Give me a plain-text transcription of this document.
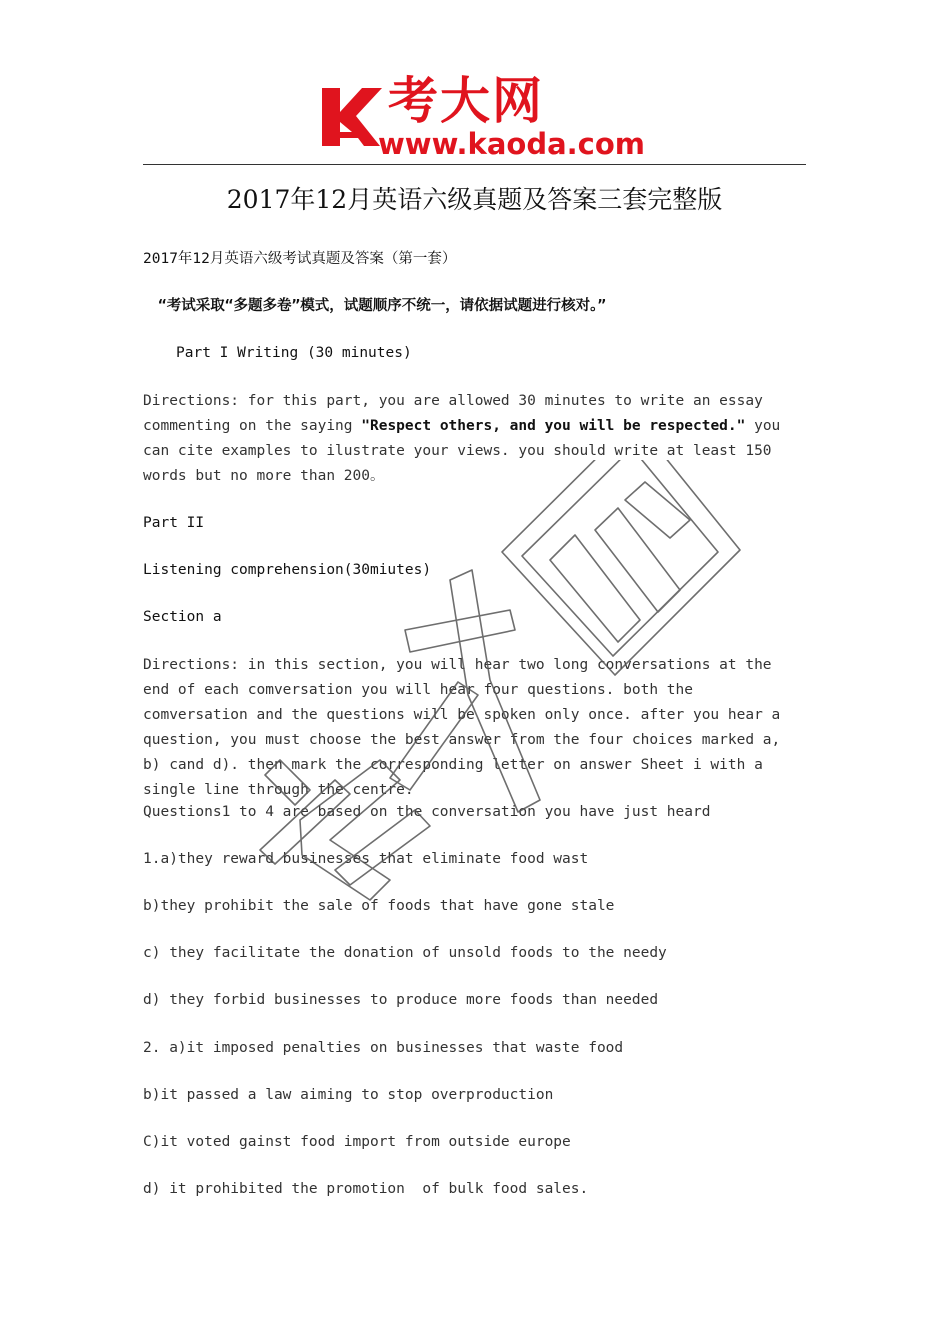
考大网
www.kaoda.com
2017年12月英语六级真题及答案三套完整版
2017年12月英语六级考试真题及答案（第一套）
“考试采取“多题多卷”模式，试题顺序不统一，请依据试题进行核对。”
Part I Writing (30 minutes)
Directions: for this part, you are allowed 30 minutes to write an essay commenting on the saying "Respect others, and you will be respected." you can cite examples to ilustrate your views. you should write at least 150 words but no more than 200。
Part II
Listening comprehension(30miutes)
Section a
Directions: in this section, you will hear two long conversations at the end of each comversation you will hear four questions. both the comversation and the questions will be spoken only once. after you hear a question, you must choose the best answer from the four choices marked a, b) cand d). then mark the corresponding letter on answer Sheet i with a single line through the centre.
Questions1 to 4 are based on the conversation you have just heard
1.a)they reward businesses that eliminate food wast
b)they prohibit the sale of foods that have gone stale
c) they facilitate the donation of unsold foods to the needy
d) they forbid businesses to produce more foods than needed
2. a)it imposed penalties on businesses that waste food
b)it passed a law aiming to stop overproduction
C)it voted gainst food import from outside europe
d) it prohibited the promotion  of bulk food sales.
